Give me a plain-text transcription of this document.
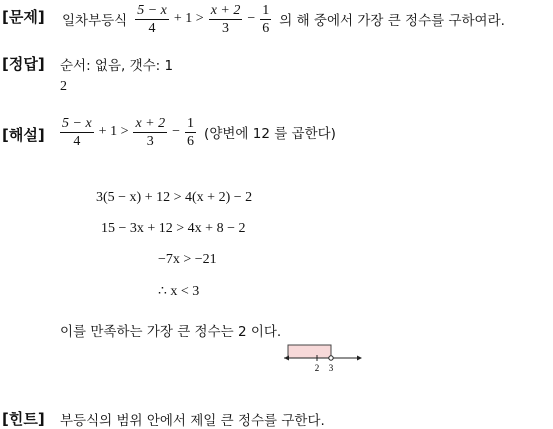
[문제] 일차부등식 $\frac{5 - x}{4} + 1 > \frac{x + 2}{3} - \frac{1}{6}$ 의 해 중에서 가장 큰 정수를 구하여라.
[정답] 순서: 없음, 갯수: 1
2
[해설] $\frac{5 - x}{4} + 1 > \frac{x + 2}{3} - \frac{1}{6}$ (양변에 12 를 곱한다)
3(5 − x) + 12 > 4(x + 2) − 2
15 − 3x + 12 > 4x + 8 − 2
−7x > −21
∴ x < 3
이를 만족하는 가장 큰 정수는 2 이다.
2 3
[힌트] 부등식의 범위 안에서 제일 큰 정수를 구한다.
